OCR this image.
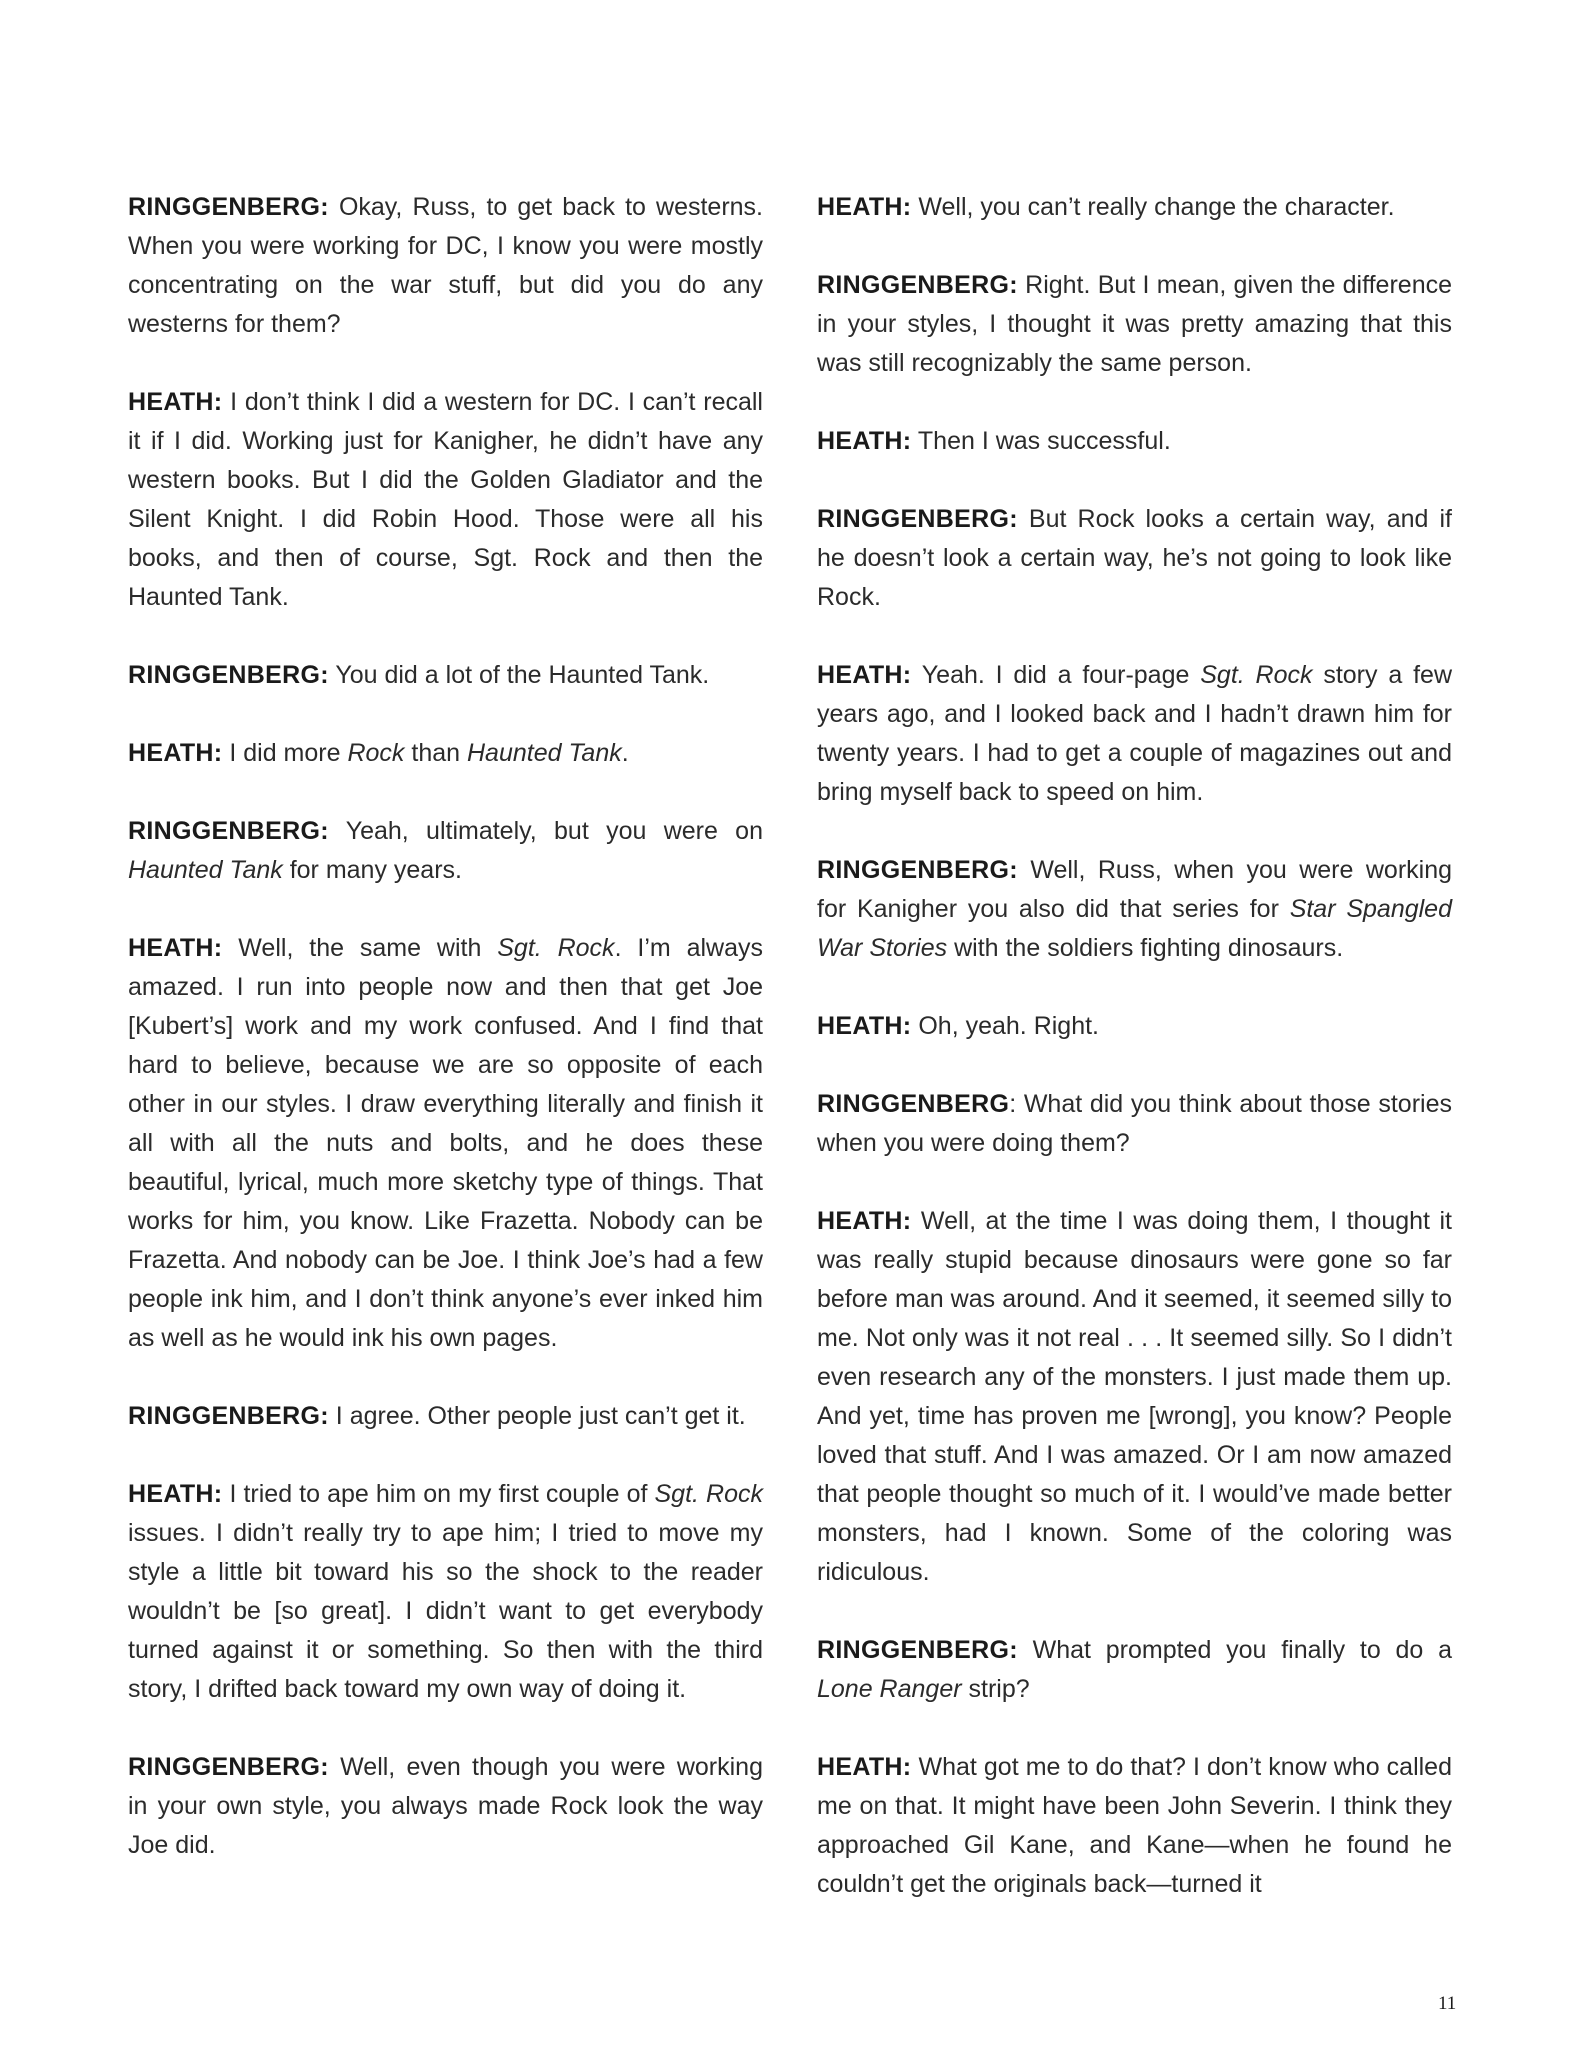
RINGGENBERG: Okay, Russ, to get back to westerns. When you were working for DC, I know you were mostly concentrating on the war stuff, but did you do any westerns for them?

HEATH: I don’t think I did a western for DC. I can’t recall it if I did. Working just for Kanigher, he didn’t have any western books. But I did the Golden Gladiator and the Silent Knight. I did Robin Hood. Those were all his books, and then of course, Sgt. Rock and then the Haunted Tank.

RINGGENBERG: You did a lot of the Haunted Tank.

HEATH: I did more Rock than Haunted Tank.

RINGGENBERG: Yeah, ultimately, but you were on Haunted Tank for many years.

HEATH: Well, the same with Sgt. Rock. I’m always amazed. I run into people now and then that get Joe [Kubert’s] work and my work confused. And I find that hard to believe, because we are so opposite of each other in our styles. I draw everything literally and finish it all with all the nuts and bolts, and he does these beautiful, lyrical, much more sketchy type of things. That works for him, you know. Like Frazetta. Nobody can be Frazetta. And nobody can be Joe. I think Joe’s had a few people ink him, and I don’t think anyone’s ever inked him as well as he would ink his own pages.

RINGGENBERG: I agree. Other people just can’t get it.

HEATH: I tried to ape him on my first couple of Sgt. Rock issues. I didn’t really try to ape him; I tried to move my style a little bit toward his so the shock to the reader wouldn’t be [so great]. I didn’t want to get everybody turned against it or something. So then with the third story, I drifted back toward my own way of doing it.

RINGGENBERG: Well, even though you were working in your own style, you always made Rock look the way Joe did.

HEATH: Well, you can’t really change the character.

RINGGENBERG: Right. But I mean, given the difference in your styles, I thought it was pretty amazing that this was still recognizably the same person.

HEATH: Then I was successful.

RINGGENBERG: But Rock looks a certain way, and if he doesn’t look a certain way, he’s not going to look like Rock.

HEATH: Yeah. I did a four-page Sgt. Rock story a few years ago, and I looked back and I hadn’t drawn him for twenty years. I had to get a couple of magazines out and bring myself back to speed on him.

RINGGENBERG: Well, Russ, when you were working for Kanigher you also did that series for Star Spangled War Stories with the soldiers fighting dinosaurs.

HEATH: Oh, yeah. Right.

RINGGENBERG: What did you think about those stories when you were doing them?

HEATH: Well, at the time I was doing them, I thought it was really stupid because dinosaurs were gone so far before man was around. And it seemed, it seemed silly to me. Not only was it not real . . . It seemed silly. So I didn’t even research any of the monsters. I just made them up. And yet, time has proven me [wrong], you know? People loved that stuff. And I was amazed. Or I am now amazed that people thought so much of it. I would’ve made better monsters, had I known. Some of the coloring was ridiculous.

RINGGENBERG: What prompted you finally to do a Lone Ranger strip?

HEATH: What got me to do that? I don’t know who called me on that. It might have been John Severin. I think they approached Gil Kane, and Kane—when he found he couldn’t get the originals back—turned it

11
